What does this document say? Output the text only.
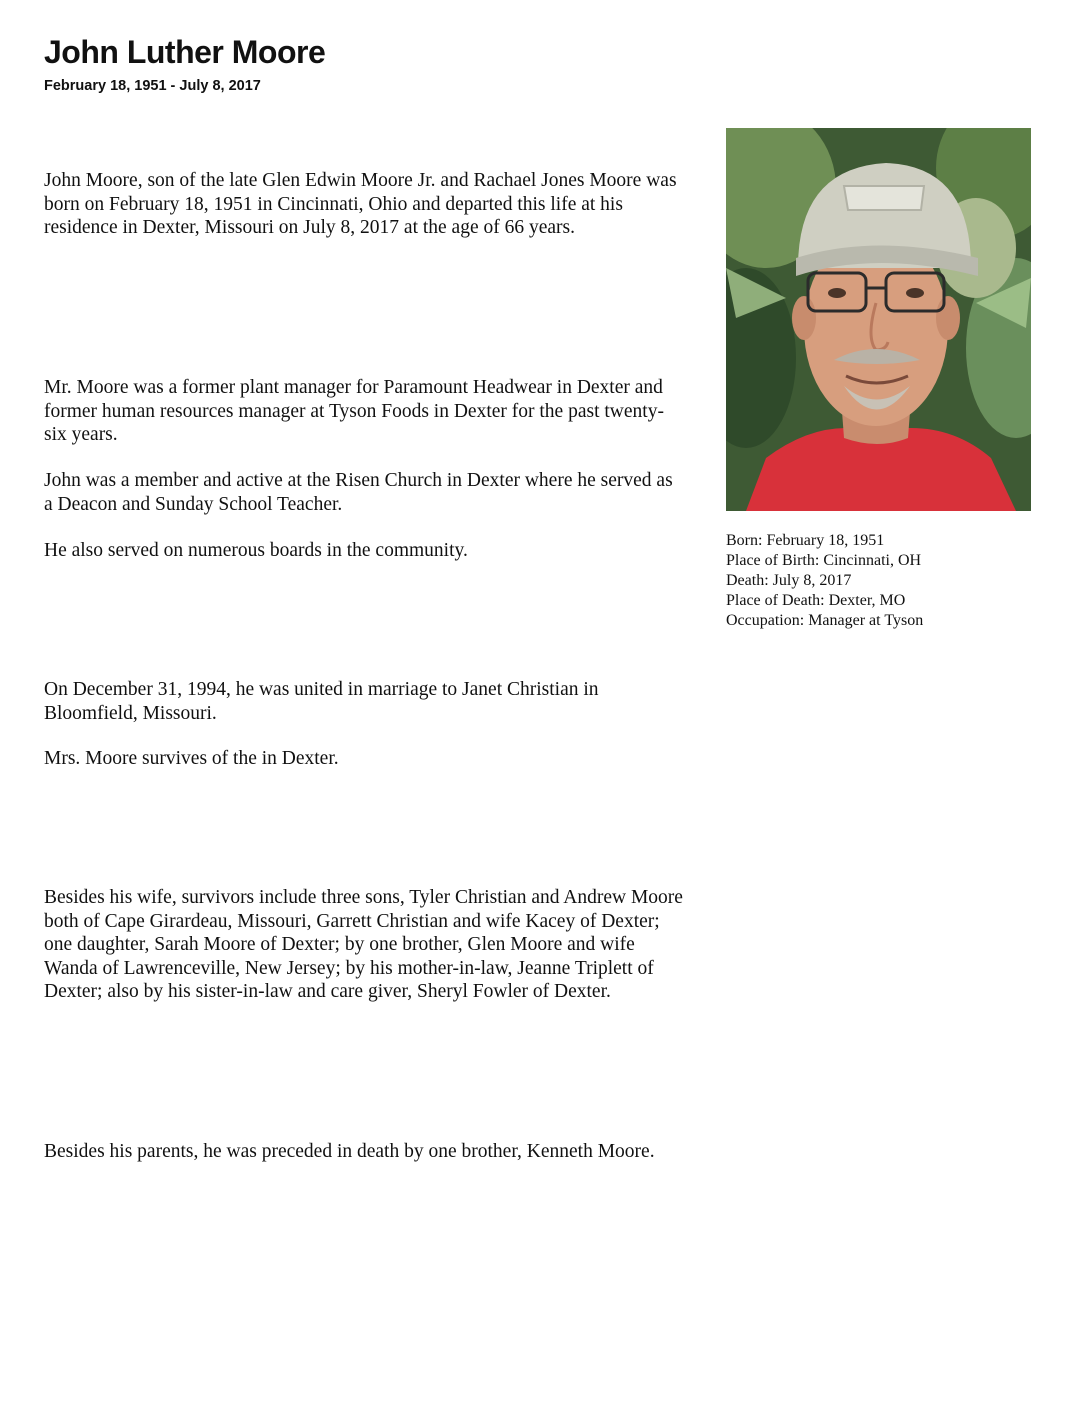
John Luther Moore

February 18, 1951 - July 8, 2017

John Moore, son of the late Glen Edwin Moore Jr. and Rachael Jones Moore was born on February 18, 1951 in Cincinnati, Ohio and departed this life at his residence in Dexter, Missouri on July 8, 2017 at the age of 66 years.

Mr. Moore was a former plant manager for Paramount Headwear in Dexter and former human resources manager at Tyson Foods in Dexter for the past twenty-six years.

John was a member and active at the Risen Church in Dexter where he served as a Deacon and Sunday School Teacher.

He also served on numerous boards in the community.

On December 31, 1994, he was united in marriage to Janet Christian in Bloomfield, Missouri.

Mrs. Moore survives of the in Dexter.

Besides his wife, survivors include three sons, Tyler Christian and Andrew Moore both of Cape Girardeau, Missouri, Garrett Christian and wife Kacey of Dexter; one daughter, Sarah Moore of Dexter; by one brother, Glen Moore and wife Wanda of Lawrenceville, New Jersey; by his mother-in-law, Jeanne Triplett of Dexter; also by his sister-in-law and care giver, Sheryl Fowler of Dexter.

Besides his parents, he was preceded in death by one brother, Kenneth Moore.

Born: February 18, 1951
Place of Birth: Cincinnati, OH
Death: July 8, 2017
Place of Death: Dexter, MO
Occupation: Manager at Tyson
